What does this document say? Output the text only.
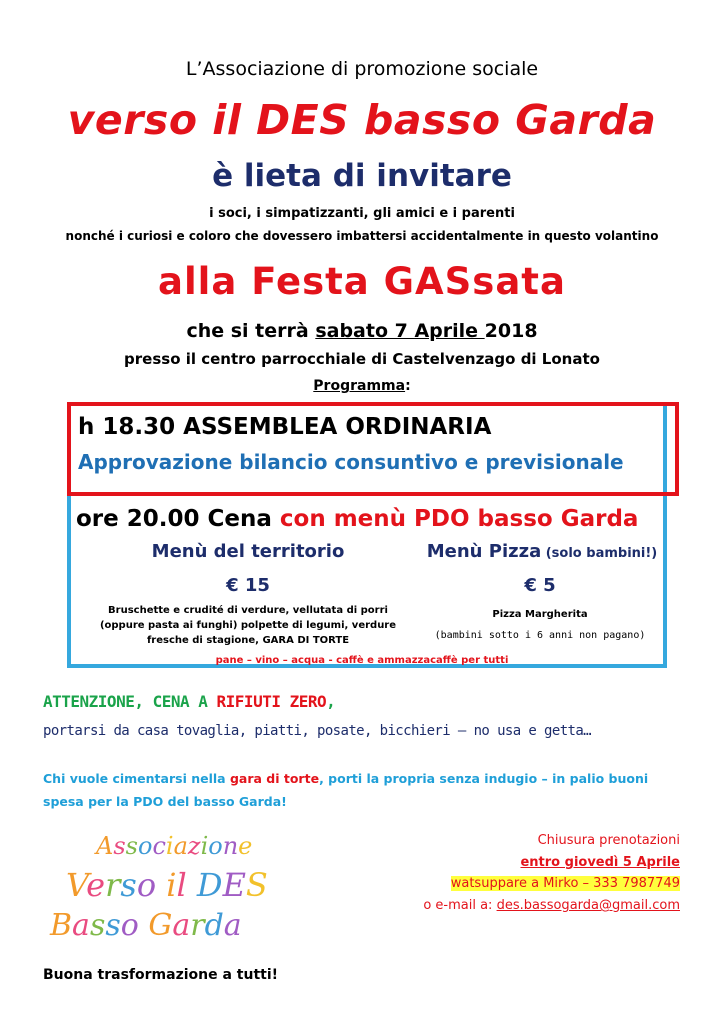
L’Associazione di promozione sociale
verso il DES basso Garda
è lieta di invitare
i soci, i simpatizzanti, gli amici e i parenti
nonché i curiosi e coloro che dovessero imbattersi accidentalmente in questo volantino
alla Festa GASsata
che si terrà sabato 7 Aprile 2018
presso il centro parrocchiale di Castelvenzago di Lonato
Programma:
h 18.30 ASSEMBLEA ORDINARIA
Approvazione bilancio consuntivo e previsionale
ore 20.00 Cena con menù PDO basso Garda
Menù del territorio
€ 15
Bruschette e crudité di verdure, vellutata di porri
(oppure pasta ai funghi) polpette di legumi, verdure
fresche di stagione, GARA DI TORTE
Menù Pizza (solo bambini!)
€ 5
Pizza Margherita
(bambini sotto i 6 anni non pagano)
pane – vino – acqua - caffè e ammazzacaffè per tutti
ATTENZIONE, CENA A RIFIUTI ZERO,
portarsi da casa tovaglia, piatti, posate, bicchieri – no usa e getta…
Chi vuole cimentarsi nella gara di torte, porti la propria senza indugio – in palio buoni
spesa per la PDO del basso Garda!
Associazione
Verso il DES
Basso Garda
Buona trasformazione a tutti!
Chiusura prenotazioni
entro giovedì 5 Aprile
watsuppare a Mirko – 333 7987749
o e-mail a: des.bassogarda@gmail.com
